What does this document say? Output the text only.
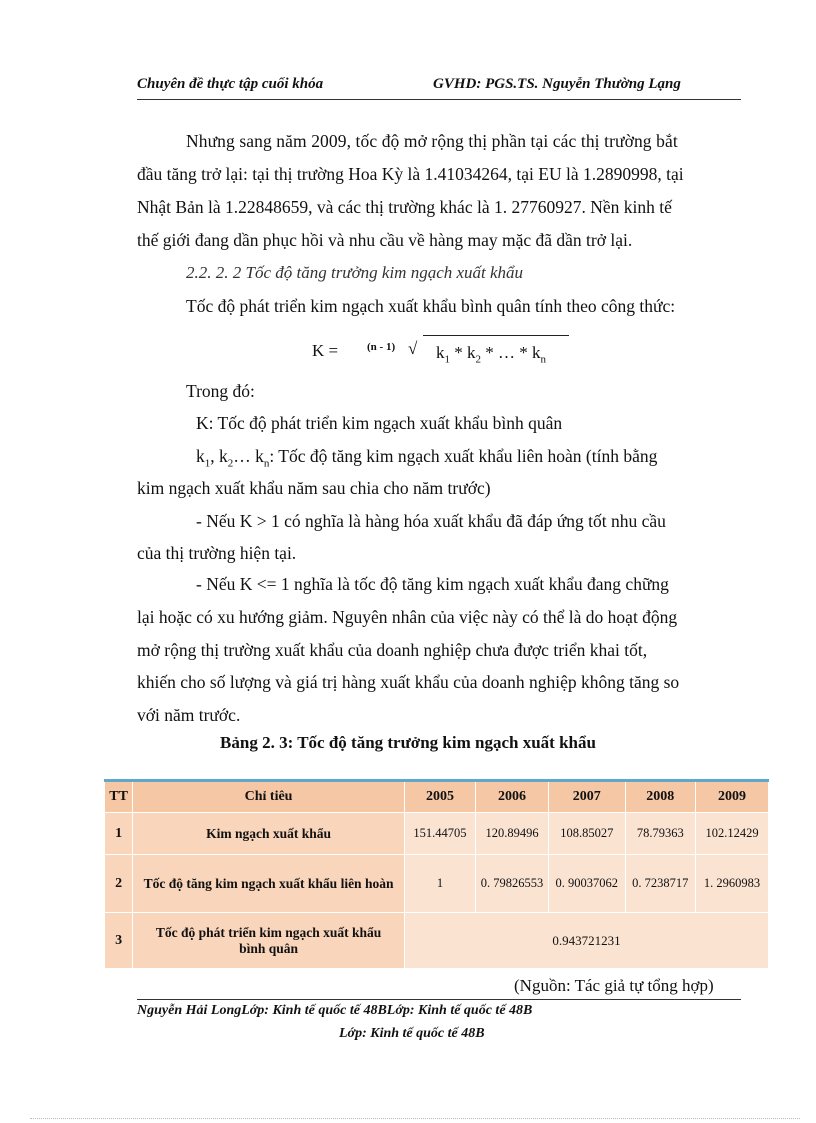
Chuyên đề thực tập cuối khóa	GVHD: PGS.TS. Nguyễn Thường Lạng
Nhưng sang năm 2009, tốc độ mở rộng thị phần tại các thị trường bắt
đầu tăng trở lại: tại thị trường Hoa Kỳ là 1.41034264, tại EU là 1.2890998, tại
Nhật Bản là 1.22848659, và các thị trường khác là 1. 27760927. Nền kinh tế
thế giới đang dần phục hồi và nhu cầu về hàng may mặc đã dần trở lại.
2.2. 2. 2 Tốc độ tăng trưởng kim ngạch xuất khẩu
Tốc độ phát triển kim ngạch xuất khẩu bình quân tính theo công thức:
K =	(n - 1) √ $k_1 * k_2$ * … * $k_n$
Trong đó:
K: Tốc độ phát triển kim ngạch xuất khẩu bình quân
$k_1$, $k_2\dots$ $k_n$: Tốc độ tăng kim ngạch xuất khẩu liên hoàn (tính bằng
kim ngạch xuất khẩu năm sau chia cho năm trước)
- Nếu K > 1 có nghĩa là hàng hóa xuất khẩu đã đáp ứng tốt nhu cầu
của thị trường hiện tại.
- Nếu K <= 1 nghĩa là tốc độ tăng kim ngạch xuất khẩu đang chững
lại hoặc có xu hướng giảm. Nguyên nhân của việc này có thể là do hoạt động
mở rộng thị trường xuất khẩu của doanh nghiệp chưa được triển khai tốt,
khiến cho số lượng và giá trị hàng xuất khẩu của doanh nghiệp không tăng so
với năm trước.
Bảng 2. 3: Tốc độ tăng trưởng kim ngạch xuất khẩu
TT	Chỉ tiêu	2005	2006	2007	2008	2009
1	Kim ngạch xuất khẩu	151.44705	120.89496	108.85027	78.79363	102.12429
2	Tốc độ tăng kim ngạch xuất khẩu liên hoàn	1	0. 79826553	0. 90037062	0. 7238717	1. 2960983
3	Tốc độ phát triển kim ngạch xuất khẩu bình quân	0.943721231				
(Nguồn: Tác giả tự tổng hợp)
Nguyễn Hải LongLớp: Kinh tế quốc tế 48BLớp: Kinh tế quốc tế 48B
Lớp: Kinh tế quốc tế 48B
